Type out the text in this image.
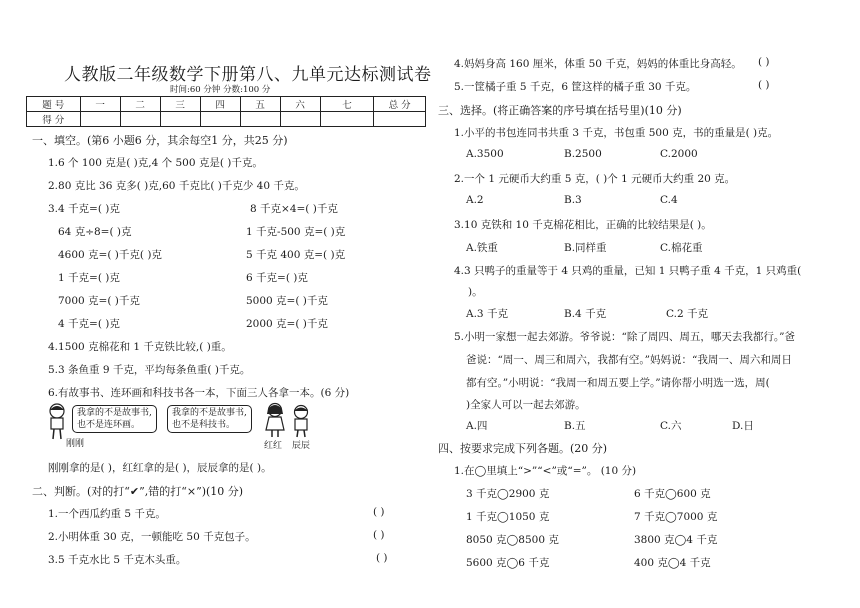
人教版二年级数学下册第八、九单元达标测试卷
时间:60 分钟 分数:100 分
题 号	一	二	三	四	五	六	七	总 分
得 分								
一、填空。(第6 小题6 分，其余每空1 分，共25 分)
1.6 个 100 克是( )克,4 个 500 克是( )千克。
2.80 克比 36 克多( )克,60 千克比( )千克少 40 千克。
3.4 千克=( )克	8 千克×4=( )千克
64 克÷8=( )克	1 千克-500 克=( )克
4600 克=( )千克( )克	5 千克 400 克=( )克
1 千克=( )克	6 千克=( )克
7000 克=( )千克	5000 克=( )千克
4 千克=( )克	2000 克=( )千克
4.1500 克棉花和 1 千克铁比较,( )重。
5.3 条鱼重 9 千克，平均每条鱼重( )千克。
6.有故事书、连环画和科技书各一本，下面三人各拿一本。(6 分)
我拿的不是故事书,
也不是连环画。
刚刚
我拿的不是故事书,
也不是科技书。
红红 辰辰
刚刚拿的是( )，红红拿的是( )，辰辰拿的是( )。
二、判断。(对的打“✔”,错的打“×”)(10 分)
1.一个西瓜约重 5 千克。	( )
2.小明体重 30 克，一顿能吃 50 千克包子。	( )
3.5 千克水比 5 千克木头重。	( )
4.妈妈身高 160 厘米，体重 50 千克，妈妈的体重比身高轻。 ( )
5.一筐橘子重 5 千克，6 筐这样的橘子重 30 千克。	( )
三、选择。(将正确答案的序号填在括号里)(10 分)
1.小平的书包连同书共重 3 千克，书包重 500 克，书的重量是( )克。
A.3500	B.2500	C.2000
2.一个 1 元硬币大约重 5 克，( )个 1 元硬币大约重 20 克。
A.2	B.3	C.4
3.10 克铁和 10 千克棉花相比，正确的比较结果是( )。
A.铁重	B.同样重	C.棉花重
4.3 只鸭子的重量等于 4 只鸡的重量，已知 1 只鸭子重 4 千克，1 只鸡重(
)。
A.3 千克	B.4 千克	C.2 千克
5.小明一家想一起去郊游。爷爷说：“除了周四、周五，哪天去我都行。”爸
爸说：“周一、周三和周六，我都有空。”妈妈说：“我周一、周六和周日
都有空。”小明说：“我周一和周五要上学。”请你帮小明选一选，周(
)全家人可以一起去郊游。
A.四	B.五	C.六	D.日
四、按要求完成下列各题。(20 分)
1.在◯里填上“>”“<”或“=”。 (10 分)
3 千克◯2900 克	6 千克◯600 克
1 千克◯1050 克	7 千克◯7000 克
8050 克◯8500 克	3800 克◯4 千克
5600 克◯6 千克	400 克◯4 千克
